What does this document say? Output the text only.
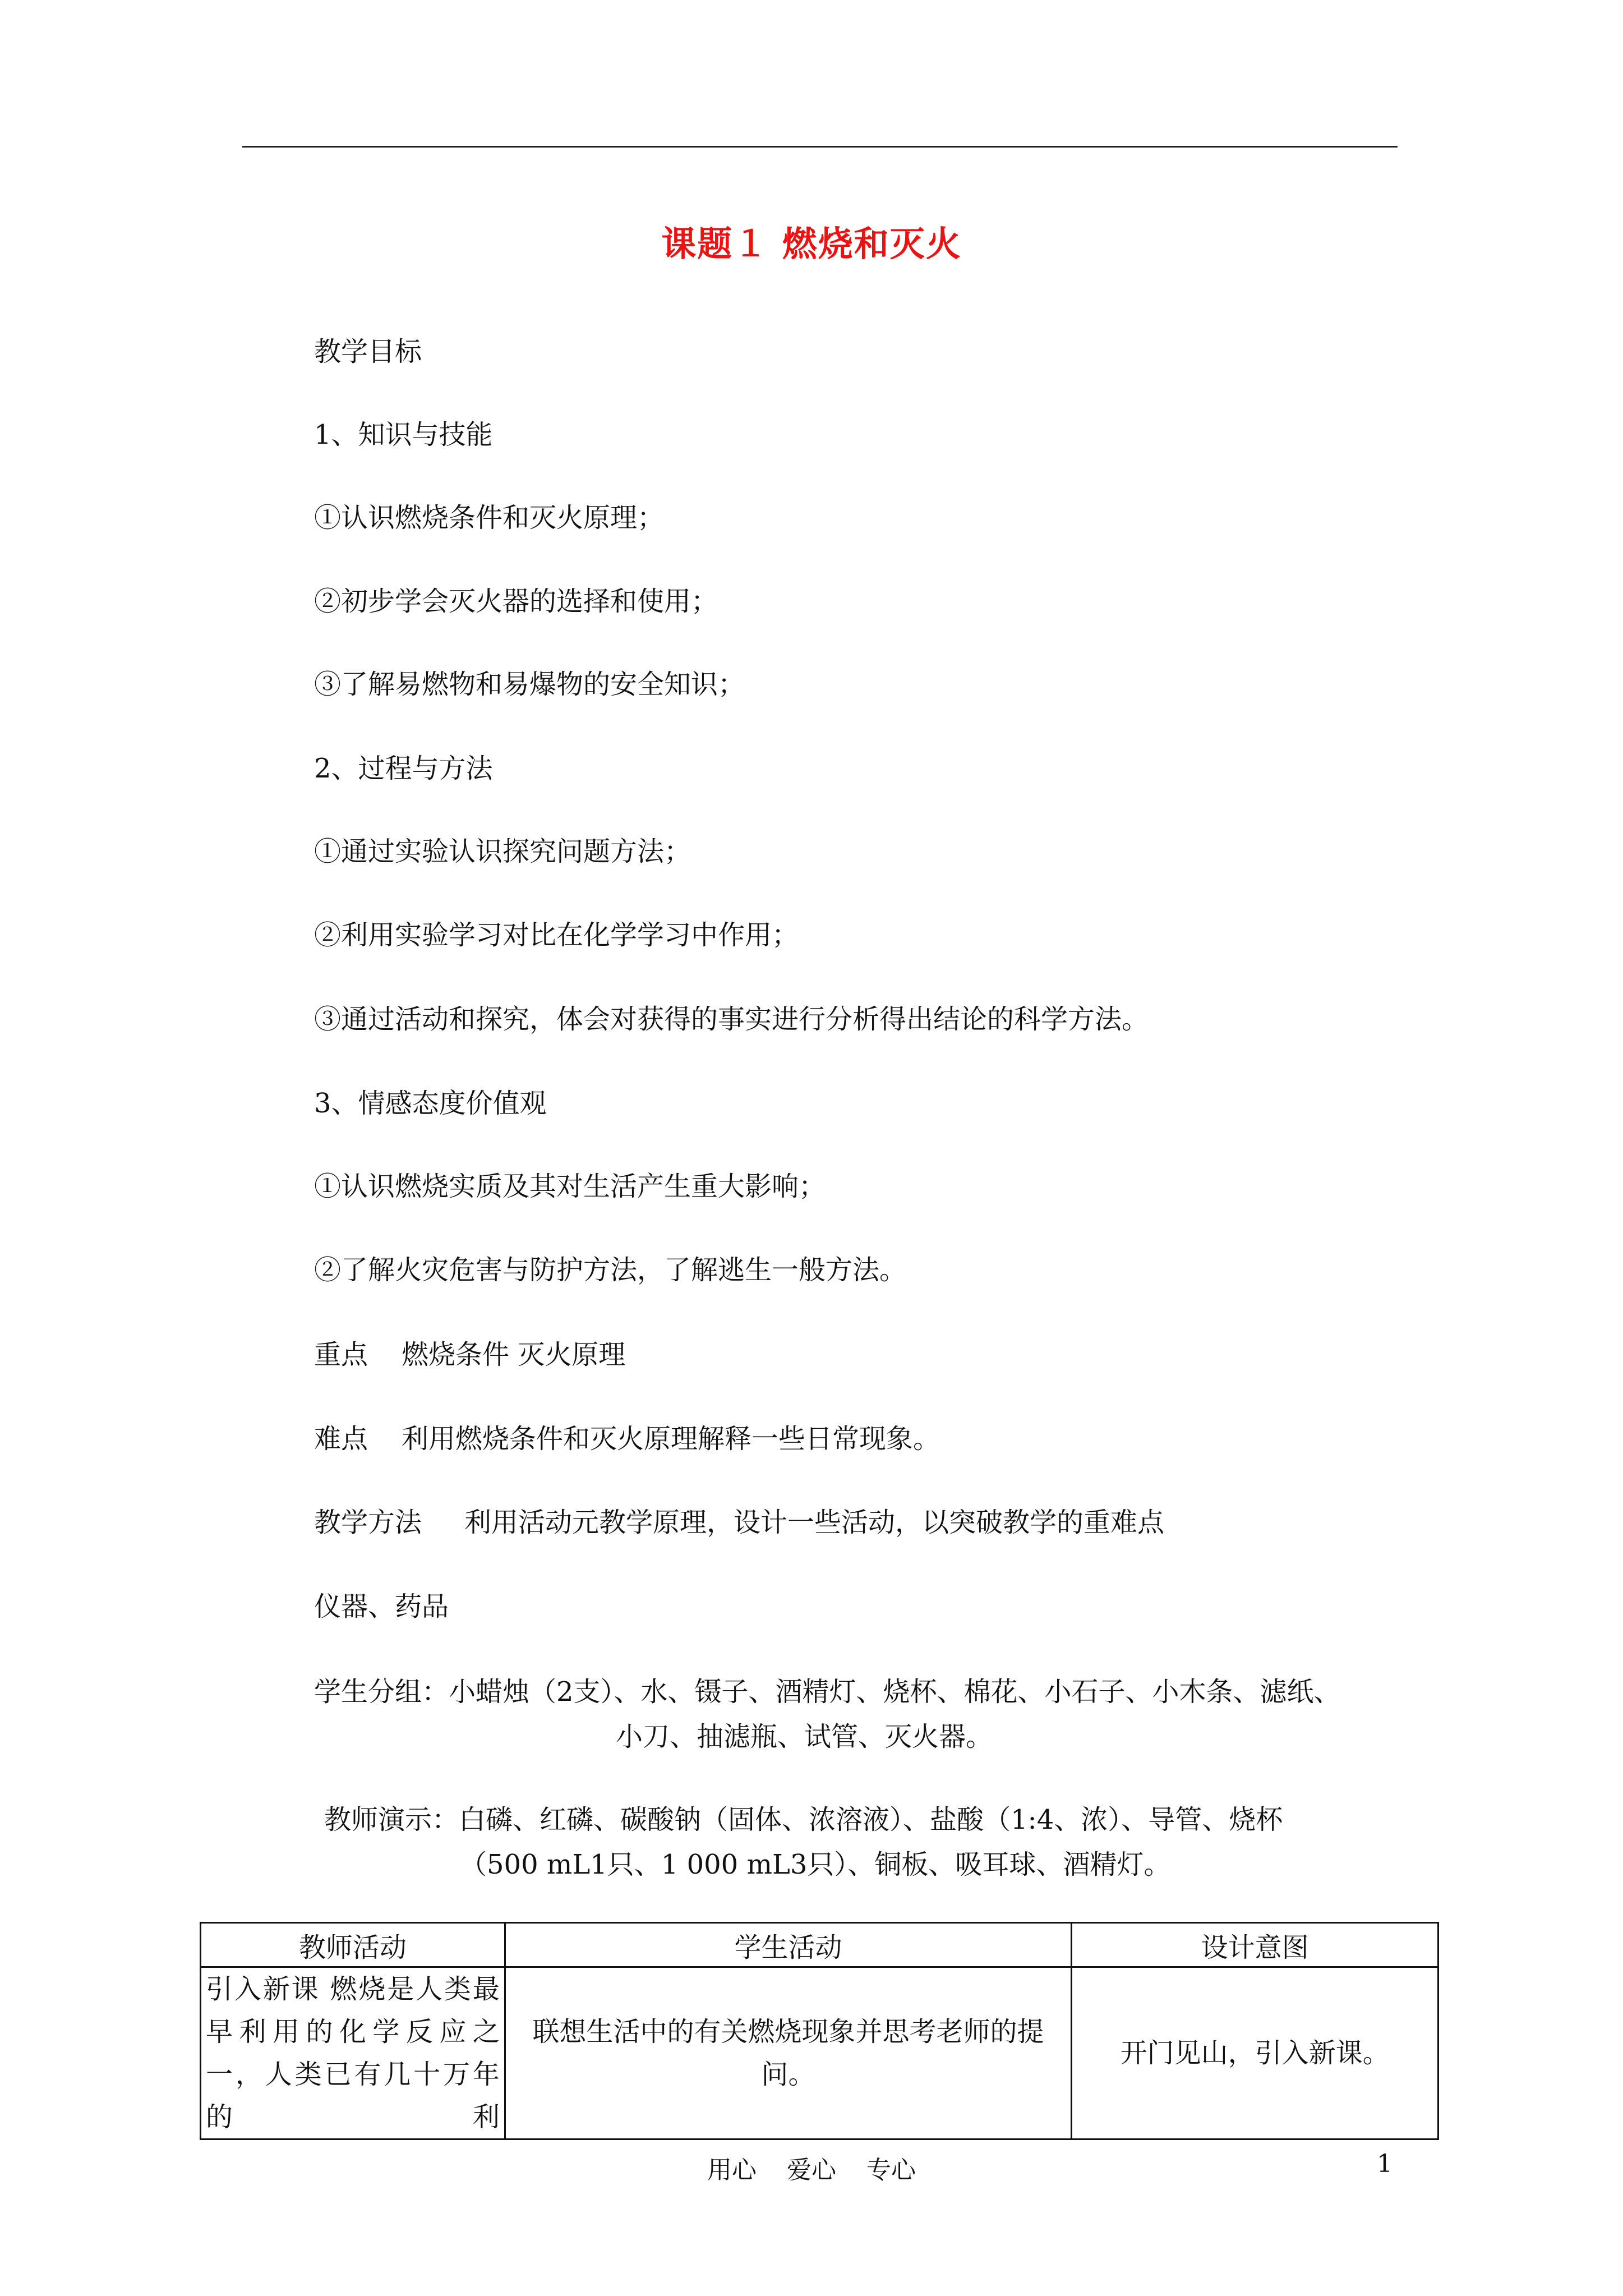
课题１ 燃烧和灭火
教学目标
1、知识与技能
①认识燃烧条件和灭火原理；
②初步学会灭火器的选择和使用；
③了解易燃物和易爆物的安全知识；
2、过程与方法
①通过实验认识探究问题方法；
②利用实验学习对比在化学学习中作用；
③通过活动和探究，体会对获得的事实进行分析得出结论的科学方法。
3、情感态度价值观
①认识燃烧实质及其对生活产生重大影响；
②了解火灾危害与防护方法，了解逃生一般方法。
重点 燃烧条件 灭火原理
难点 利用燃烧条件和灭火原理解释一些日常现象。
教学方法 利用活动元教学原理，设计一些活动，以突破教学的重难点
仪器、药品
学生分组：小蜡烛（2支）、水、镊子、酒精灯、烧杯、棉花、小石子、小木条、滤纸、
小刀、抽滤瓶、试管、灭火器。
教师演示：白磷、红磷、碳酸钠（固体、浓溶液）、盐酸（1:4、浓）、导管、烧杯
（500 mL1只、1 000 mL3只）、铜板、吸耳球、酒精灯。
教师活动	学生活动	设计意图
引入新课 燃烧是人类最早利用的化学反应之一，人类已有几十万年的利	联想生活中的有关燃烧现象并思考老师的提问。	开门见山，引入新课。
用心 爱心 专心	1
